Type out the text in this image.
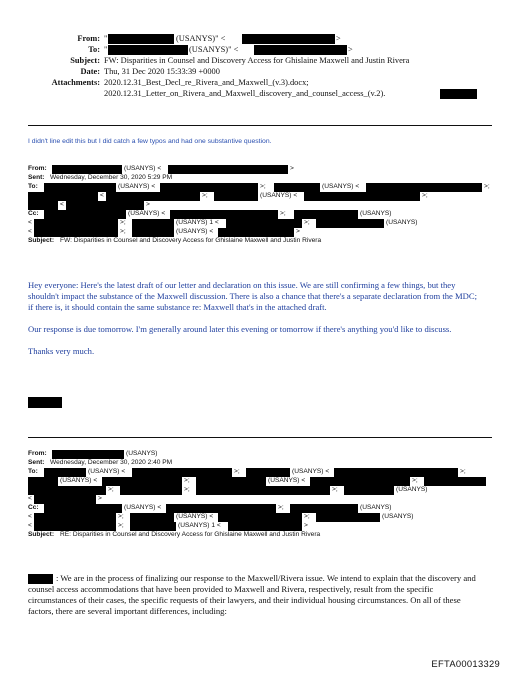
From: "	(USANYS)" <	>
To: "	(USANYS)" <	>
Subject: FW: Disparities in Counsel and Discovery Access for Ghislaine Maxwell and Justin Rivera
Date: Thu, 31 Dec 2020 15:33:39 +0000
Attachments: 2020.12.31_Best_Decl_re_Rivera_and_Maxwell_(v.3).docx;
2020.12.31_Letter_on_Rivera_and_Maxwell_discovery_and_counsel_access_(v.2).
I didn't line edit this but I did catch a few typos and had one substantive question.
From:	(USANYS) <	>
Sent: Wednesday, December 30, 2020 5:29 PM
To:	(USANYS) <	>;	(USANYS) <	>;
<	>;	(USANYS) <	>;
<	>
Cc:	(USANYS) <	>;	(USANYS)
<	>;	(USANYS) 1 <	>;	(USANYS)
<	>;	(USANYS) <	>
Subject: FW: Disparities in Counsel and Discovery Access for Ghislaine Maxwell and Justin Rivera

Hey everyone: Here's the latest draft of our letter and declaration on this issue. We are still confirming a few things, but they shouldn't impact the substance of the Maxwell discussion. There is also a chance that there's a separate declaration from the MDC; if there is, it should contain the same substance re: Maxwell that's in the attached draft.

Our response is due tomorrow. I'm generally around later this evening or tomorrow if there's anything you'd like to discuss.

Thanks very much.

From:	(USANYS)
Sent: Wednesday, December 30, 2020 2:40 PM
To:	(USANYS) <	>;	(USANYS) <	>;
(USANYS) <	>;	(USANYS) <	>;
>;	>;	>;	(USANYS)
<	>
Cc:	(USANYS) <	>;	(USANYS)
<	>;	(USANYS) <	>;	(USANYS)
<	>;	(USANYS) 1 <	>
Subject: RE: Disparities in Counsel and Discovery Access for Ghislaine Maxwell and Justin Rivera

: We are in the process of finalizing our response to the Maxwell/Rivera issue. We intend to explain that the discovery and counsel access accommodations that have been provided to Maxwell and Rivera, respectively, result from the specific circumstances of their cases, the specific requests of their lawyers, and their individual housing circumstances. On all of these factors, there are several important differences, including:

EFTA00013329
